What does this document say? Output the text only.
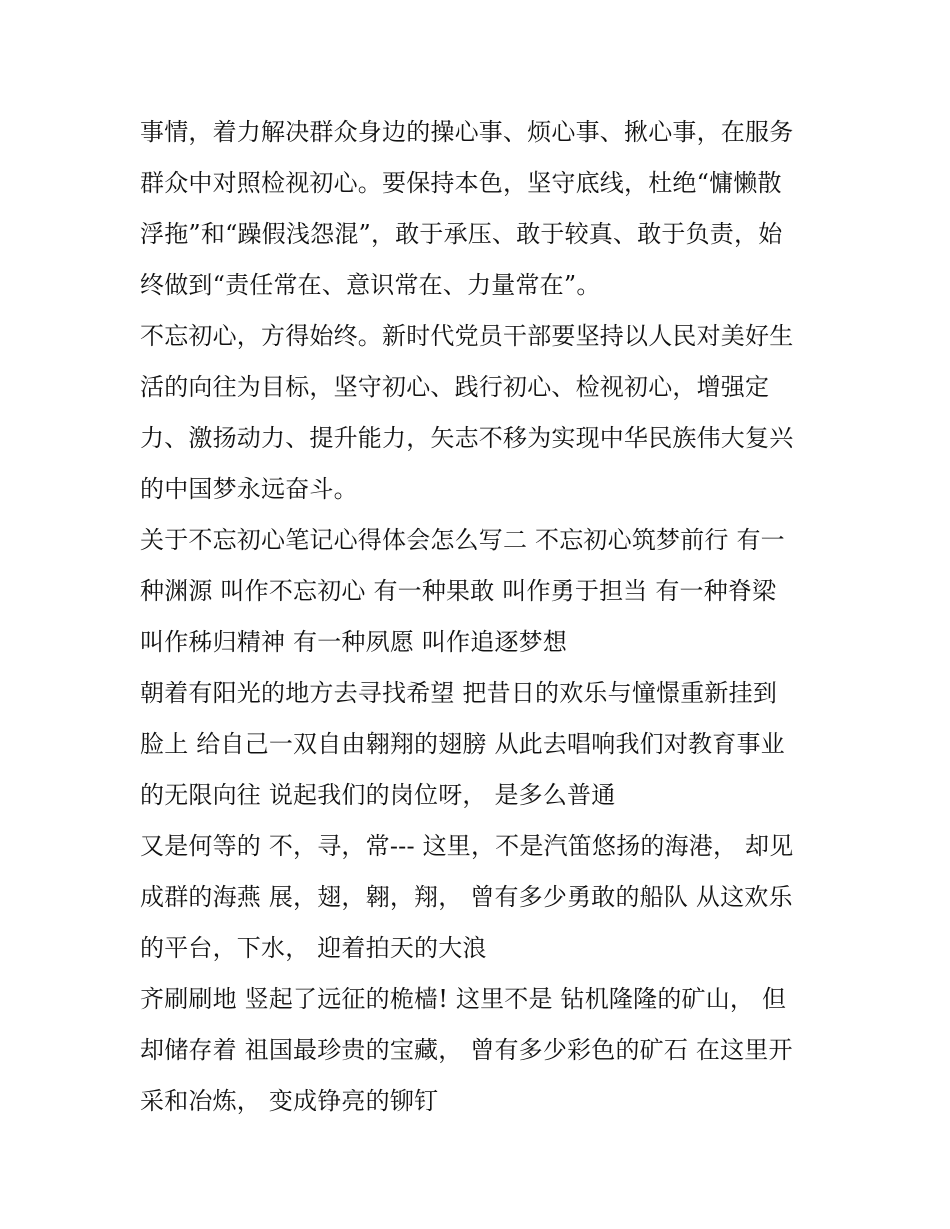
事情，着力解决群众身边的操心事、烦心事、揪心事，在服务
群众中对照检视初心。要保持本色，坚守底线，杜绝“慵懒散
浮拖”和“躁假浅怨混”，敢于承压、敢于较真、敢于负责，始
终做到“责任常在、意识常在、力量常在”。
不忘初心，方得始终。新时代党员干部要坚持以人民对美好生
活的向往为目标，坚守初心、践行初心、检视初心，增强定
力、激扬动力、提升能力，矢志不移为实现中华民族伟大复兴
的中国梦永远奋斗。
关于不忘初心笔记心得体会怎么写二 不忘初心筑梦前行 有一
种渊源 叫作不忘初心 有一种果敢 叫作勇于担当 有一种脊梁
叫作秭归精神 有一种夙愿 叫作追逐梦想
朝着有阳光的地方去寻找希望 把昔日的欢乐与憧憬重新挂到
脸上 给自己一双自由翱翔的翅膀 从此去唱响我们对教育事业
的无限向往 说起我们的岗位呀， 是多么普通
又是何等的 不，寻，常--- 这里，不是汽笛悠扬的海港， 却见
成群的海燕 展，翅，翱，翔， 曾有多少勇敢的船队 从这欢乐
的平台，下水， 迎着拍天的大浪
齐刷刷地 竖起了远征的桅樯! 这里不是 钻机隆隆的矿山， 但
却储存着 祖国最珍贵的宝藏， 曾有多少彩色的矿石 在这里开
采和冶炼， 变成铮亮的铆钉
